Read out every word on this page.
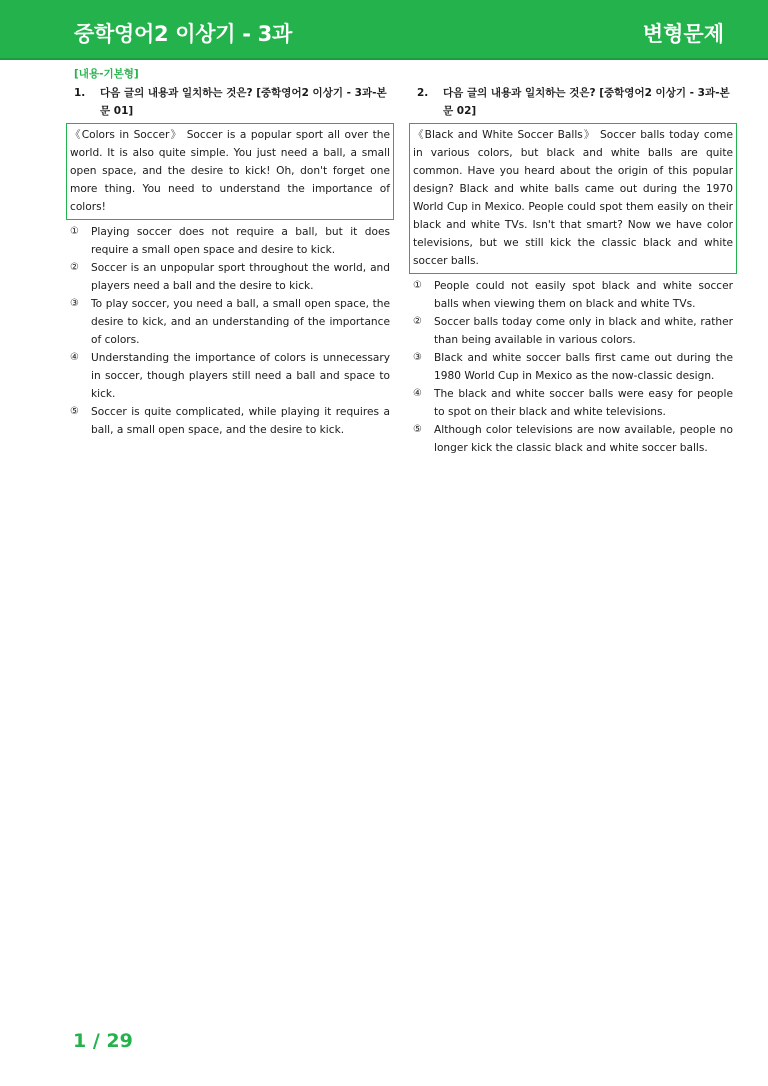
중학영어2 이상기 - 3과	변형문제
[내용-기본형]
1.	다음 글의 내용과 일치하는 것은? [중학영어2 이상기 - 3과-본문 01]
《Colors in Soccer》 Soccer is a popular sport all over the world. It is also quite simple. You just need a ball, a small open space, and the desire to kick! Oh, don't forget one more thing. You need to understand the importance of colors!
①	Playing soccer does not require a ball, but it does require a small open space and desire to kick.
②	Soccer is an unpopular sport throughout the world, and players need a ball and the desire to kick.
③	To play soccer, you need a ball, a small open space, the desire to kick, and an understanding of the importance of colors.
④	Understanding the importance of colors is unnecessary in soccer, though players still need a ball and space to kick.
⑤	Soccer is quite complicated, while playing it requires a ball, a small open space, and the desire to kick.
2.	다음 글의 내용과 일치하는 것은? [중학영어2 이상기 - 3과-본문 02]
《Black and White Soccer Balls》 Soccer balls today come in various colors, but black and white balls are quite common. Have you heard about the origin of this popular design? Black and white balls came out during the 1970 World Cup in Mexico. People could spot them easily on their black and white TVs. Isn't that smart? Now we have color televisions, but we still kick the classic black and white soccer balls.
①	People could not easily spot black and white soccer balls when viewing them on black and white TVs.
②	Soccer balls today come only in black and white, rather than being available in various colors.
③	Black and white soccer balls first came out during the 1980 World Cup in Mexico as the now-classic design.
④	The black and white soccer balls were easy for people to spot on their black and white televisions.
⑤	Although color televisions are now available, people no longer kick the classic black and white soccer balls.
1 / 29
